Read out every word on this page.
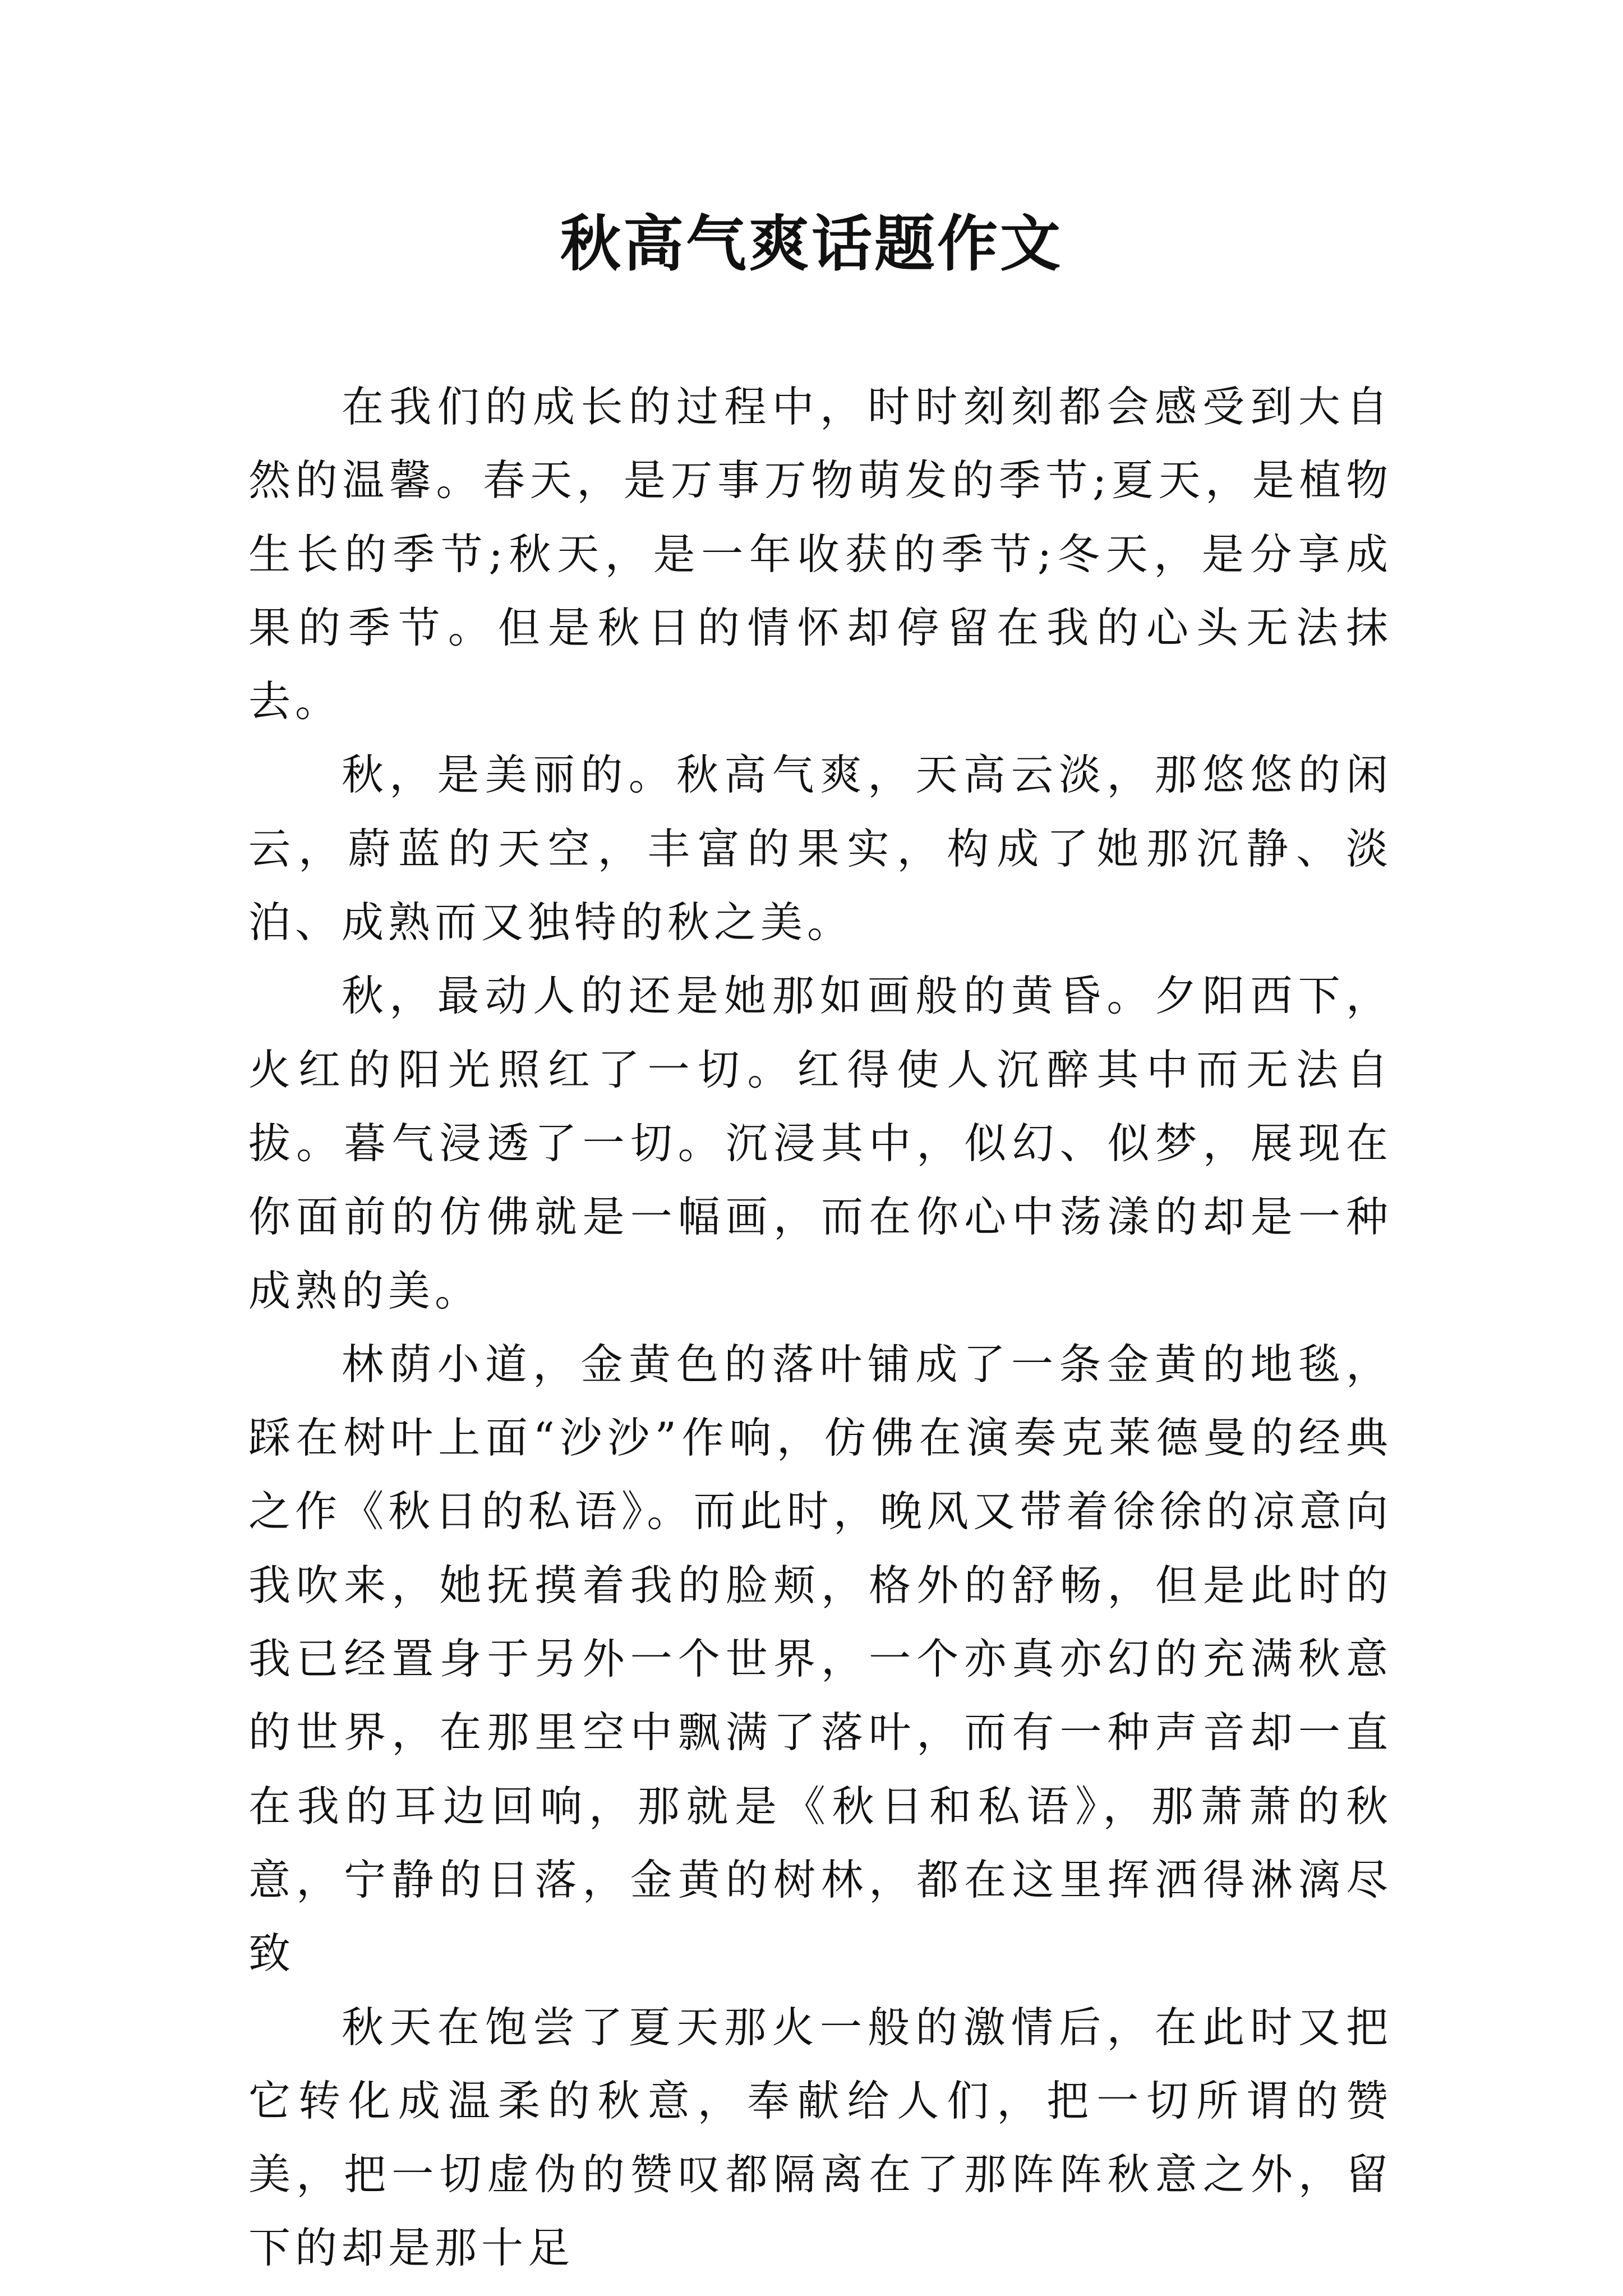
秋高气爽话题作文

在我们的成长的过程中，时时刻刻都会感受到大自然的温馨。春天，是万事万物萌发的季节;夏天，是植物生长的季节;秋天，是一年收获的季节;冬天，是分享成果的季节。但是秋日的情怀却停留在我的心头无法抹去。

秋，是美丽的。秋高气爽，天高云淡，那悠悠的闲云，蔚蓝的天空，丰富的果实，构成了她那沉静、淡泊、成熟而又独特的秋之美。

秋，最动人的还是她那如画般的黄昏。夕阳西下，火红的阳光照红了一切。红得使人沉醉其中而无法自拔。暮气浸透了一切。沉浸其中，似幻、似梦，展现在你面前的仿佛就是一幅画，而在你心中荡漾的却是一种成熟的美。

林荫小道，金黄色的落叶铺成了一条金黄的地毯，踩在树叶上面“沙沙”作响，仿佛在演奏克莱德曼的经典之作《秋日的私语》。而此时，晚风又带着徐徐的凉意向我吹来，她抚摸着我的脸颊，格外的舒畅，但是此时的我已经置身于另外一个世界，一个亦真亦幻的充满秋意的世界，在那里空中飘满了落叶，而有一种声音却一直在我的耳边回响，那就是《秋日和私语》，那萧萧的秋意，宁静的日落，金黄的树林，都在这里挥洒得淋漓尽致

秋天在饱尝了夏天那火一般的激情后，在此时又把它转化成温柔的秋意，奉献给人们，把一切所谓的赞美，把一切虚伪的赞叹都隔离在了那阵阵秋意之外，留下的却是那十足
